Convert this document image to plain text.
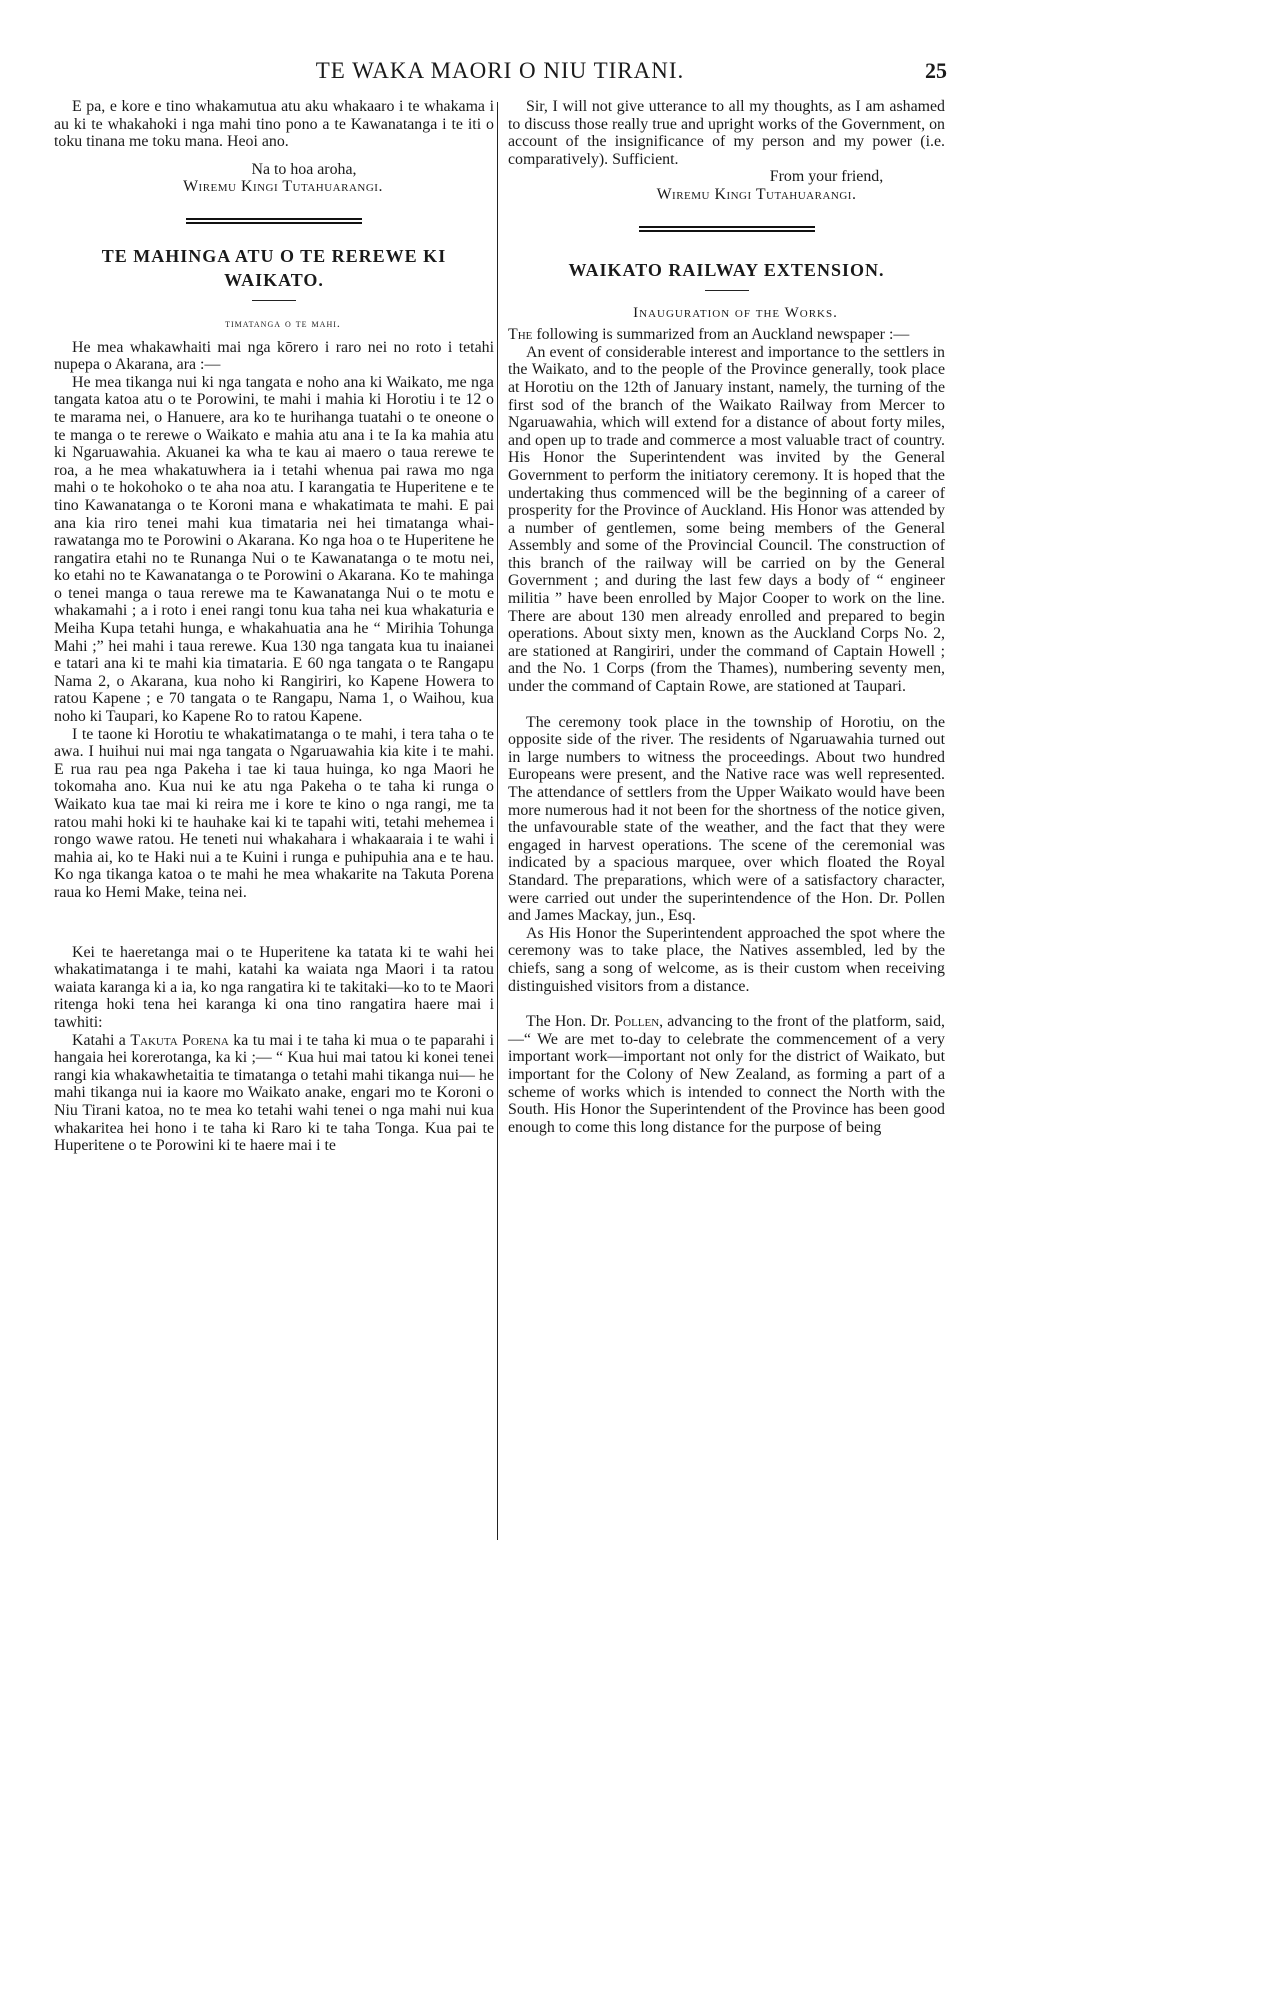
TE WAKA MAORI O NIU TIRANI.	25

E pa, e kore e tino whakamutua atu aku whakaaro i te whakama i au ki te whakahoki i nga mahi tino pono a te Kawanatanga i te iti o toku tinana me toku mana. Heoi ano.

Na to hoa aroha,

Wiremu Kingi Tutahuarangi.

TE MAHINGA ATU O TE REREWE KI WAIKATO.

timatanga o te mahi.

He mea whakawhaiti mai nga kōrero i raro nei no roto i tetahi nupepa o Akarana, ara :—

He mea tikanga nui ki nga tangata e noho ana ki Waikato, me nga tangata katoa atu o te Porowini, te mahi i mahia ki Horotiu i te 12 o te marama nei, o Hanuere, ara ko te hurihanga tuatahi o te oneone o te manga o te rerewe o Waikato e mahia atu ana i te Ia ka mahia atu ki Ngaruawahia. Akuanei ka wha te kau ai maero o taua rerewe te roa, a he mea whakatuwhera ia i tetahi whenua pai rawa mo nga mahi o te hokohoko o te aha noa atu. I karangatia te Huperitene e te tino Kawanatanga o te Koroni mana e whakatimata te mahi. E pai ana kia riro tenei mahi kua timataria nei hei timatanga whairawatanga mo te Porowini o Akarana. Ko nga hoa o te Huperitene he rangatira etahi no te Runanga Nui o te Kawanatanga o te motu nei, ko etahi no te Kawanatanga o te Porowini o Akarana. Ko te mahinga o tenei manga o taua rerewe ma te Kawanatanga Nui o te motu e whakamahi ; a i roto i enei rangi tonu kua taha nei kua whakaturia e Meiha Kupa tetahi hunga, e whakahuatia ana he “ Mirihia Tohunga Mahi ;” hei mahi i taua rerewe. Kua 130 nga tangata kua tu inaianei e tatari ana ki te mahi kia timataria. E 60 nga tangata o te Rangapu Nama 2, o Akarana, kua noho ki Rangiriri, ko Kapene Howera to ratou Kapene ; e 70 tangata o te Rangapu, Nama 1, o Waihou, kua noho ki Taupari, ko Kapene Ro to ratou Kapene.

I te taone ki Horotiu te whakatimatanga o te mahi, i tera taha o te awa. I huihui nui mai nga tangata o Ngaruawahia kia kite i te mahi. E rua rau pea nga Pakeha i tae ki taua huinga, ko nga Maori he tokomaha ano. Kua nui ke atu nga Pakeha o te taha ki runga o Waikato kua tae mai ki reira me i kore te kino o nga rangi, me ta ratou mahi hoki ki te hauhake kai ki te tapahi witi, tetahi mehemea i rongo wawe ratou. He teneti nui whakahara i whakaaraia i te wahi i mahia ai, ko te Haki nui a te Kuini i runga e puhipuhia ana e te hau. Ko nga tikanga katoa o te mahi he mea whakarite na Takuta Porena raua ko Hemi Make, teina nei.

Kei te haeretanga mai o te Huperitene ka tatata ki te wahi hei whakatimatanga i te mahi, katahi ka waiata nga Maori i ta ratou waiata karanga ki a ia, ko nga rangatira ki te takitaki—ko to te Maori ritenga hoki tena hei karanga ki ona tino rangatira haere mai i tawhiti:

Katahi a Takuta Porena ka tu mai i te taha ki mua o te paparahi i hangaia hei korerotanga, ka ki ;— “ Kua hui mai tatou ki konei tenei rangi kia whakawhetaitia te timatanga o tetahi mahi tikanga nui— he mahi tikanga nui ia kaore mo Waikato anake, engari mo te Koroni o Niu Tirani katoa, no te mea ko tetahi wahi tenei o nga mahi nui kua whakaritea hei hono i te taha ki Raro ki te taha Tonga. Kua pai te Huperitene o te Porowini ki te haere mai i te

Sir, I will not give utterance to all my thoughts, as I am ashamed to discuss those really true and upright works of the Government, on account of the insignificance of my person and my power (i.e. comparatively). Sufficient.

From your friend,

Wiremu Kingi Tutahuarangi.

WAIKATO RAILWAY EXTENSION.

Inauguration of the Works.

The following is summarized from an Auckland newspaper :—

An event of considerable interest and importance to the settlers in the Waikato, and to the people of the Province generally, took place at Horotiu on the 12th of January instant, namely, the turning of the first sod of the branch of the Waikato Railway from Mercer to Ngaruawahia, which will extend for a distance of about forty miles, and open up to trade and commerce a most valuable tract of country. His Honor the Superintendent was invited by the General Government to perform the initiatory ceremony. It is hoped that the undertaking thus commenced will be the beginning of a career of prosperity for the Province of Auckland. His Honor was attended by a number of gentlemen, some being members of the General Assembly and some of the Provincial Council. The construction of this branch of the railway will be carried on by the General Government ; and during the last few days a body of “ engineer militia ” have been enrolled by Major Cooper to work on the line. There are about 130 men already enrolled and prepared to begin operations. About sixty men, known as the Auckland Corps No. 2, are stationed at Rangiriri, under the command of Captain Howell ; and the No. 1 Corps (from the Thames), numbering seventy men, under the command of Captain Rowe, are stationed at Taupari.

The ceremony took place in the township of Horotiu, on the opposite side of the river. The residents of Ngaruawahia turned out in large numbers to witness the proceedings. About two hundred Europeans were present, and the Native race was well represented. The attendance of settlers from the Upper Waikato would have been more numerous had it not been for the shortness of the notice given, the unfavourable state of the weather, and the fact that they were engaged in harvest operations. The scene of the ceremonial was indicated by a spacious marquee, over which floated the Royal Standard. The preparations, which were of a satisfactory character, were carried out under the superintendence of the Hon. Dr. Pollen and James Mackay, jun., Esq.

As His Honor the Superintendent approached the spot where the ceremony was to take place, the Natives assembled, led by the chiefs, sang a song of welcome, as is their custom when receiving distinguished visitors from a distance.

The Hon. Dr. Pollen, advancing to the front of the platform, said,—“ We are met to-day to celebrate the commencement of a very important work—important not only for the district of Waikato, but important for the Colony of New Zealand, as forming a part of a scheme of works which is intended to connect the North with the South. His Honor the Superintendent of the Province has been good enough to come this long distance for the purpose of being
